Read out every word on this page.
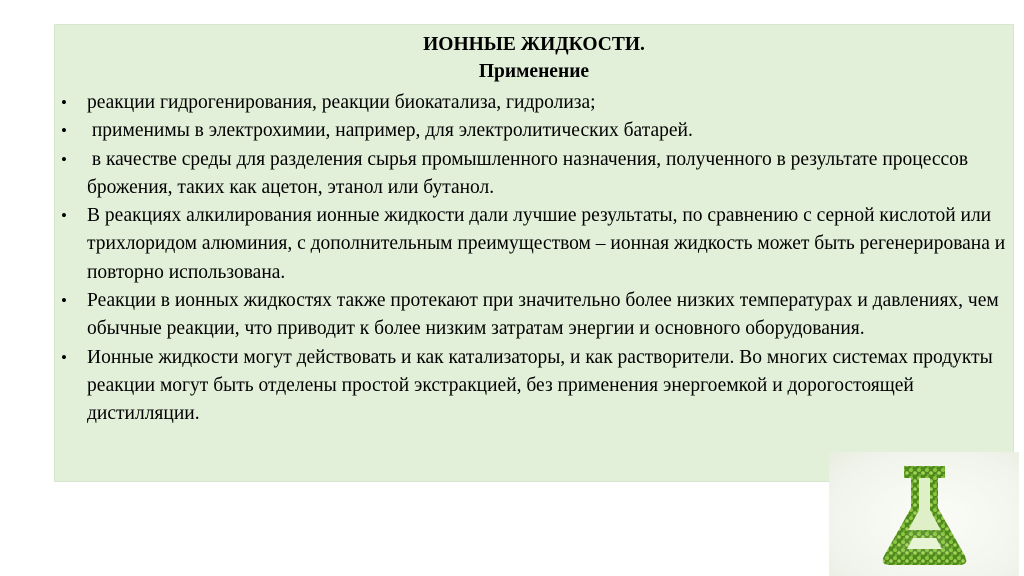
ИОННЫЕ ЖИДКОСТИ.
Применение
• реакции гидрогенирования, реакции биокатализа, гидролиза;
• применимы в электрохимии, например, для электролитических батарей.
• в качестве среды для разделения сырья промышленного назначения, полученного в результате процессов брожения, таких как ацетон, этанол или бутанол.
• В реакциях алкилирования ионные жидкости дали лучшие результаты, по сравнению с серной кислотой или трихлоридом алюминия, с дополнительным преимуществом – ионная жидкость может быть регенерирована и повторно использована.
• Реакции в ионных жидкостях также протекают при значительно более низких температурах и давлениях, чем обычные реакции, что приводит к более низким затратам энергии и основного оборудования.
• Ионные жидкости могут действовать и как катализаторы, и как растворители. Во многих системах продукты реакции могут быть отделены простой экстракцией, без применения энергоемкой и дорогостоящей дистилляции.
